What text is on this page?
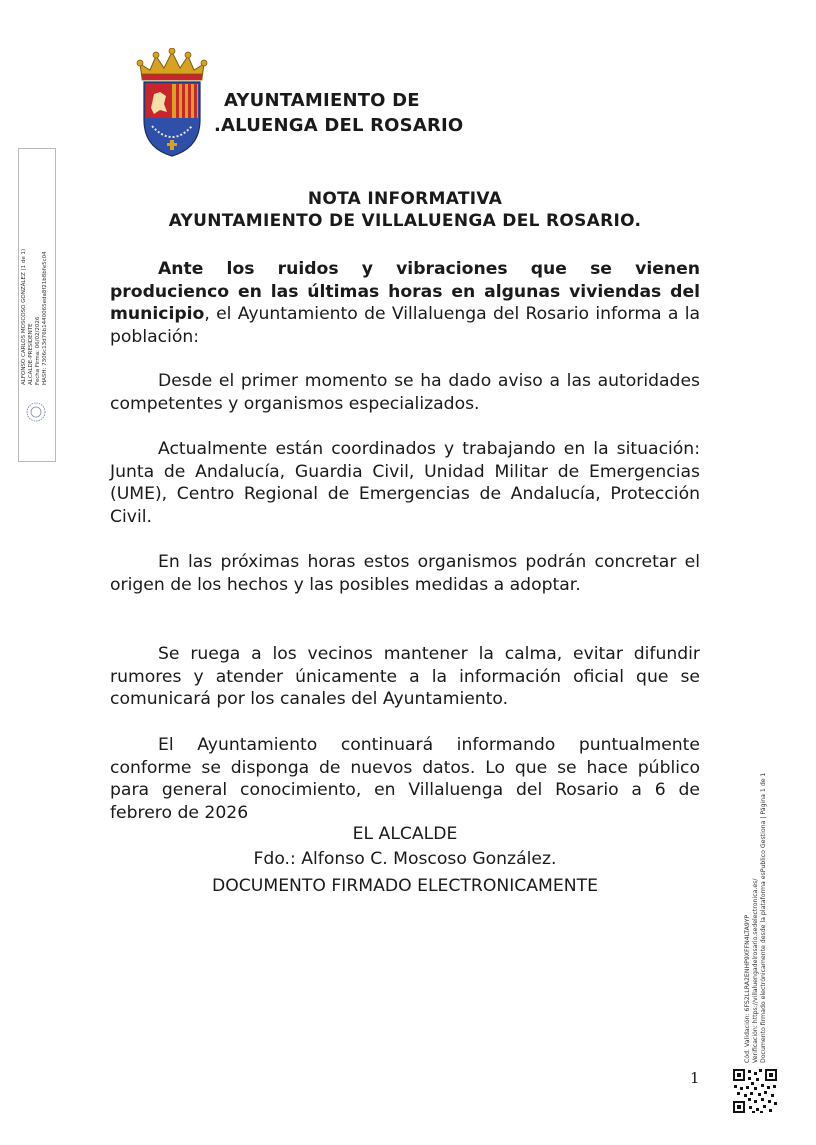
AYUNTAMIENTO DE
.ALUENGA DEL ROSARIO
ALFONSO CARLOS MOSCOSO GONZÁLEZ (1 de 1) ALCALDE-PRESIDENTE Fecha Firma: 06/02/2026 HASH: 7306c13d76b1440065eda8f21b8bfe5c04
NOTA INFORMATIVA
AYUNTAMIENTO DE VILLALUENGA DEL ROSARIO.
Ante los ruidos y vibraciones que se vienen producienco en las últimas horas en algunas viviendas del municipio, el Ayuntamiento de Villaluenga del Rosario informa a la población:
Desde el primer momento se ha dado aviso a las autoridades competentes y organismos especializados.
Actualmente están coordinados y trabajando en la situación: Junta de Andalucía, Guardia Civil, Unidad Militar de Emergencias (UME), Centro Regional de Emergencias de Andalucía, Protección Civil.
En las próximas horas estos organismos podrán concretar el origen de los hechos y las posibles medidas a adoptar.
Se ruega a los vecinos mantener la calma, evitar difundir rumores y atender únicamente a la información oficial que se comunicará por los canales del Ayuntamiento.
El Ayuntamiento continuará informando puntualmente conforme se disponga de nuevos datos. Lo que se hace público para general conocimiento, en Villaluenga del Rosario a 6 de febrero de 2026
EL ALCALDE
Fdo.: Alfonso C. Moscoso González.
DOCUMENTO FIRMADO ELECTRONICAMENTE
1
Cód. Validación: 6FS2LLRA2ENHP9XFFN4LTA9YP Verificación: https://villaluengadelrosario.sedelectronica.es/ Documento firmado electrónicamente desde la plataforma esPublico Gestiona | Página 1 de 1
